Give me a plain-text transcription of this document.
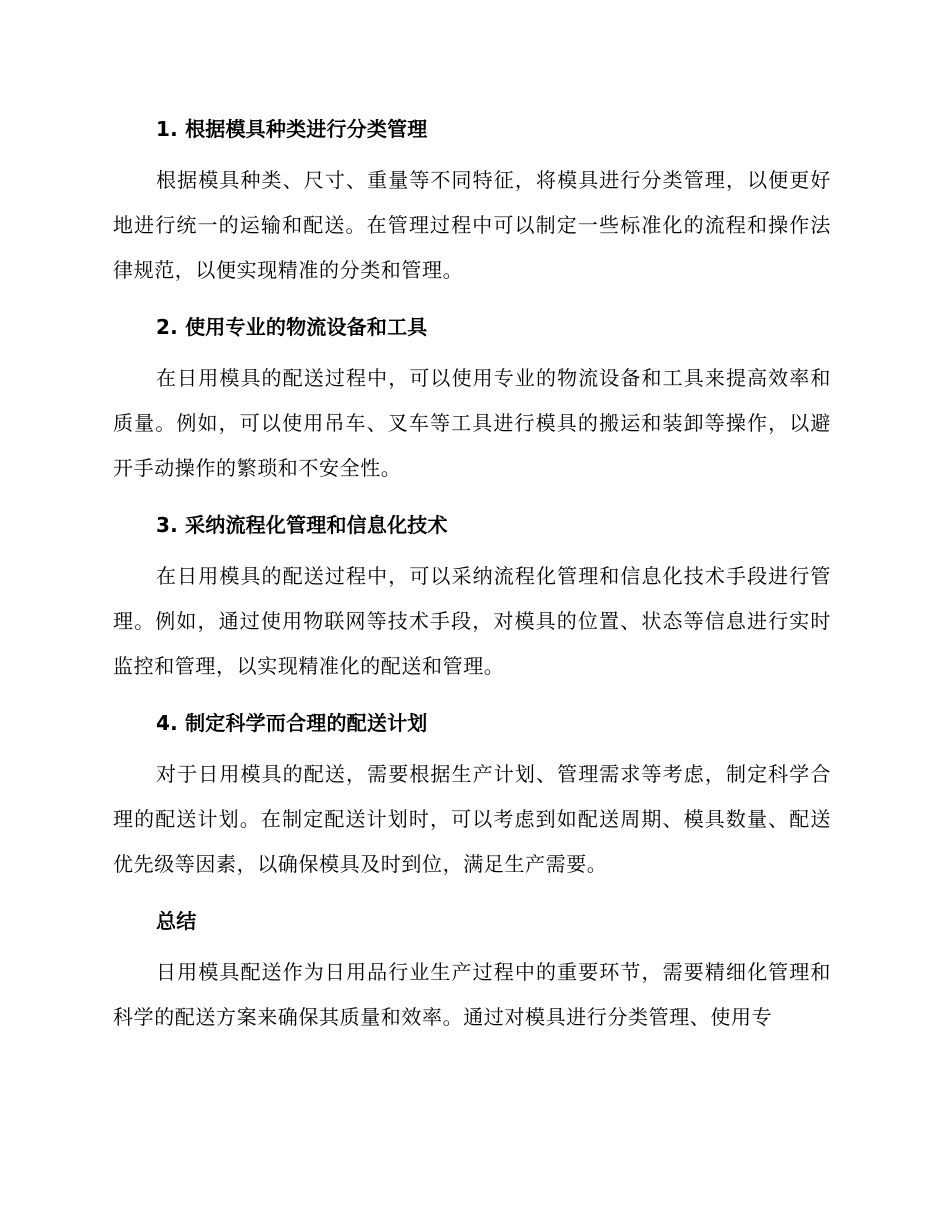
1. 根据模具种类进行分类管理

根据模具种类、尺寸、重量等不同特征，将模具进行分类管理，以便更好地进行统一的运输和配送。在管理过程中可以制定一些标准化的流程和操作法律规范，以便实现精准的分类和管理。

2. 使用专业的物流设备和工具

在日用模具的配送过程中，可以使用专业的物流设备和工具来提高效率和质量。例如，可以使用吊车、叉车等工具进行模具的搬运和装卸等操作，以避开手动操作的繁琐和不安全性。

3. 采纳流程化管理和信息化技术

在日用模具的配送过程中，可以采纳流程化管理和信息化技术手段进行管理。例如，通过使用物联网等技术手段，对模具的位置、状态等信息进行实时监控和管理，以实现精准化的配送和管理。

4. 制定科学而合理的配送计划

对于日用模具的配送，需要根据生产计划、管理需求等考虑，制定科学合理的配送计划。在制定配送计划时，可以考虑到如配送周期、模具数量、配送优先级等因素，以确保模具及时到位，满足生产需要。

总结

日用模具配送作为日用品行业生产过程中的重要环节，需要精细化管理和科学的配送方案来确保其质量和效率。通过对模具进行分类管理、使用专
